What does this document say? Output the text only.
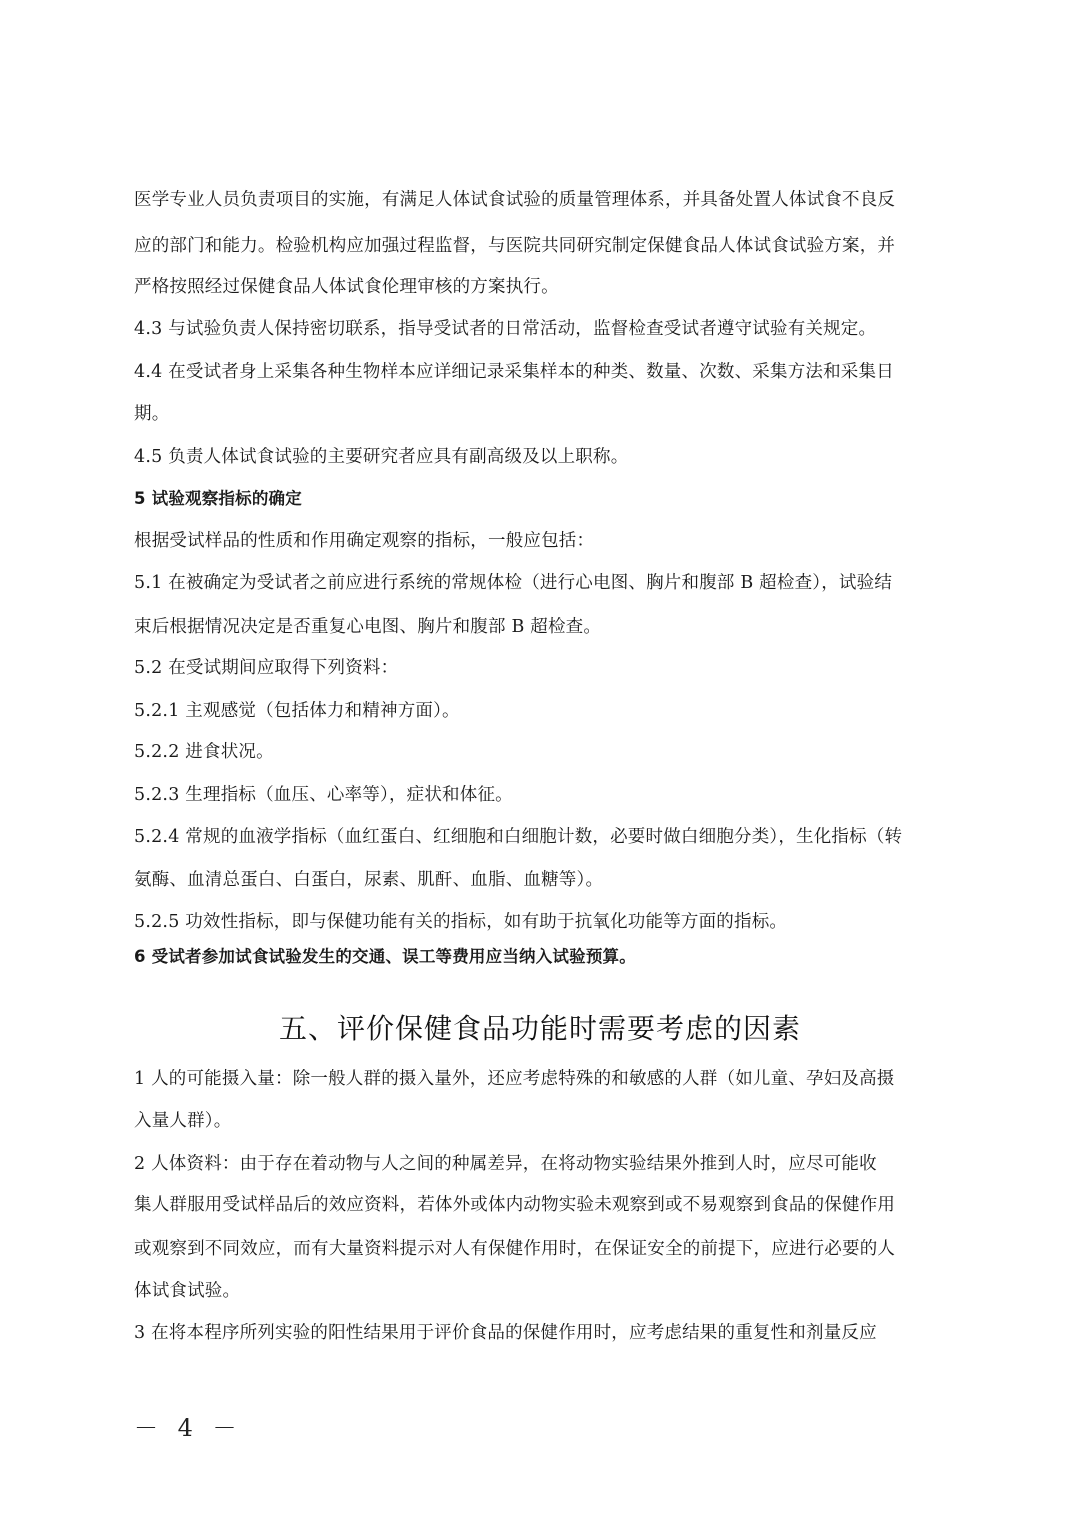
医学专业人员负责项目的实施，有满足人体试食试验的质量管理体系，并具备处置人体试食不良反
应的部门和能力。检验机构应加强过程监督，与医院共同研究制定保健食品人体试食试验方案，并
严格按照经过保健食品人体试食伦理审核的方案执行。
4.3 与试验负责人保持密切联系，指导受试者的日常活动，监督检查受试者遵守试验有关规定。
4.4 在受试者身上采集各种生物样本应详细记录采集样本的种类、数量、次数、采集方法和采集日
期。
4.5 负责人体试食试验的主要研究者应具有副高级及以上职称。
5 试验观察指标的确定
根据受试样品的性质和作用确定观察的指标，一般应包括：
5.1 在被确定为受试者之前应进行系统的常规体检（进行心电图、胸片和腹部 B 超检查），试验结
束后根据情况决定是否重复心电图、胸片和腹部 B 超检查。
5.2 在受试期间应取得下列资料：
5.2.1 主观感觉（包括体力和精神方面）。
5.2.2 进食状况。
5.2.3 生理指标（血压、心率等），症状和体征。
5.2.4 常规的血液学指标（血红蛋白、红细胞和白细胞计数，必要时做白细胞分类），生化指标（转
氨酶、血清总蛋白、白蛋白，尿素、肌酐、血脂、血糖等）。
5.2.5 功效性指标，即与保健功能有关的指标，如有助于抗氧化功能等方面的指标。
6 受试者参加试食试验发生的交通、误工等费用应当纳入试验预算。
五、评价保健食品功能时需要考虑的因素
1 人的可能摄入量：除一般人群的摄入量外，还应考虑特殊的和敏感的人群（如儿童、孕妇及高摄
入量人群）。
2 人体资料：由于存在着动物与人之间的种属差异，在将动物实验结果外推到人时，应尽可能收
集人群服用受试样品后的效应资料，若体外或体内动物实验未观察到或不易观察到食品的保健作用
或观察到不同效应，而有大量资料提示对人有保健作用时，在保证安全的前提下，应进行必要的人
体试食试验。
3 在将本程序所列实验的阳性结果用于评价食品的保健作用时，应考虑结果的重复性和剂量反应
－ 4 －
